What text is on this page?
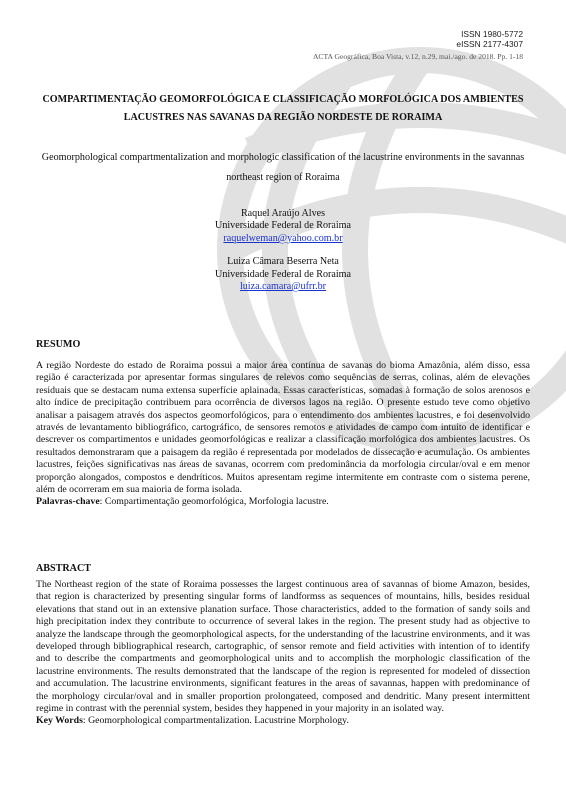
ISSN 1980-5772
eISSN 2177-4307
ACTA Geográfica, Boa Vista, v.12, n.29, mai./ago. de 2018. Pp. 1-18
COMPARTIMENTAÇÃO GEOMORFOLÓGICA E CLASSIFICAÇÃO MORFOLÓGICA DOS AMBIENTES LACUSTRES NAS SAVANAS DA REGIÃO NORDESTE DE RORAIMA

Geomorphological compartmentalization and morphologic classification of the lacustrine environments in the savannas northeast region of Roraima

Raquel Araújo Alves
Universidade Federal de Roraima
raquelweman@yahoo.com.br
Luiza Câmara Beserra Neta
Universidade Federal de Roraima
luiza.camara@ufrr.br
RESUMO
A região Nordeste do estado de Roraima possui a maior área contínua de savanas do bioma Amazônia, além disso, essa região é caracterizada por apresentar formas singulares de relevos como sequências de serras, colinas, além de elevações residuais que se destacam numa extensa superfície aplainada. Essas características, somadas à formação de solos arenosos e alto índice de precipitação contribuem para ocorrência de diversos lagos na região. O presente estudo teve como objetivo analisar a paisagem através dos aspectos geomorfológicos, para o entendimento dos ambientes lacustres, e foi desenvolvido através de levantamento bibliográfico, cartográfico, de sensores remotos e atividades de campo com intuito de identificar e descrever os compartimentos e unidades geomorfológicas e realizar a classificação morfológica dos ambientes lacustres. Os resultados demonstraram que a paisagem da região é representada por modelados de dissecação e acumulação. Os ambientes lacustres, feições significativas nas áreas de savanas, ocorrem com predominância da morfologia circular/oval e em menor proporção alongados, compostos e dendríticos. Muitos apresentam regime intermitente em contraste com o sistema perene, além de ocorreram em sua maioria de forma isolada.
Palavras-chave: Compartimentação geomorfológica, Morfologia lacustre.
ABSTRACT
The Northeast region of the state of Roraima possesses the largest continuous area of savannas of biome Amazon, besides, that region is characterized by presenting singular forms of landformss as sequences of mountains, hills, besides residual elevations that stand out in an extensive planation surface. Those characteristics, added to the formation of sandy soils and high precipitation index they contribute to occurrence of several lakes in the region. The present study had as objective to analyze the landscape through the geomorphological aspects, for the understanding of the lacustrine environments, and it was developed through bibliographical research, cartographic, of sensor remote and field activities with intention of to identify and to describe the compartments and geomorphological units and to accomplish the morphologic classification of the lacustrine environments. The results demonstrated that the landscape of the region is represented for modeled of dissection and accumulation. The lacustrine environments, significant features in the areas of savannas, happen with predominance of the morphology circular/oval and in smaller proportion prolongateed, composed and dendritic. Many present intermittent regime in contrast with the perennial system, besides they happened in your majority in an isolated way.
Key Words: Geomorphological compartmentalization. Lacustrine Morphology.
